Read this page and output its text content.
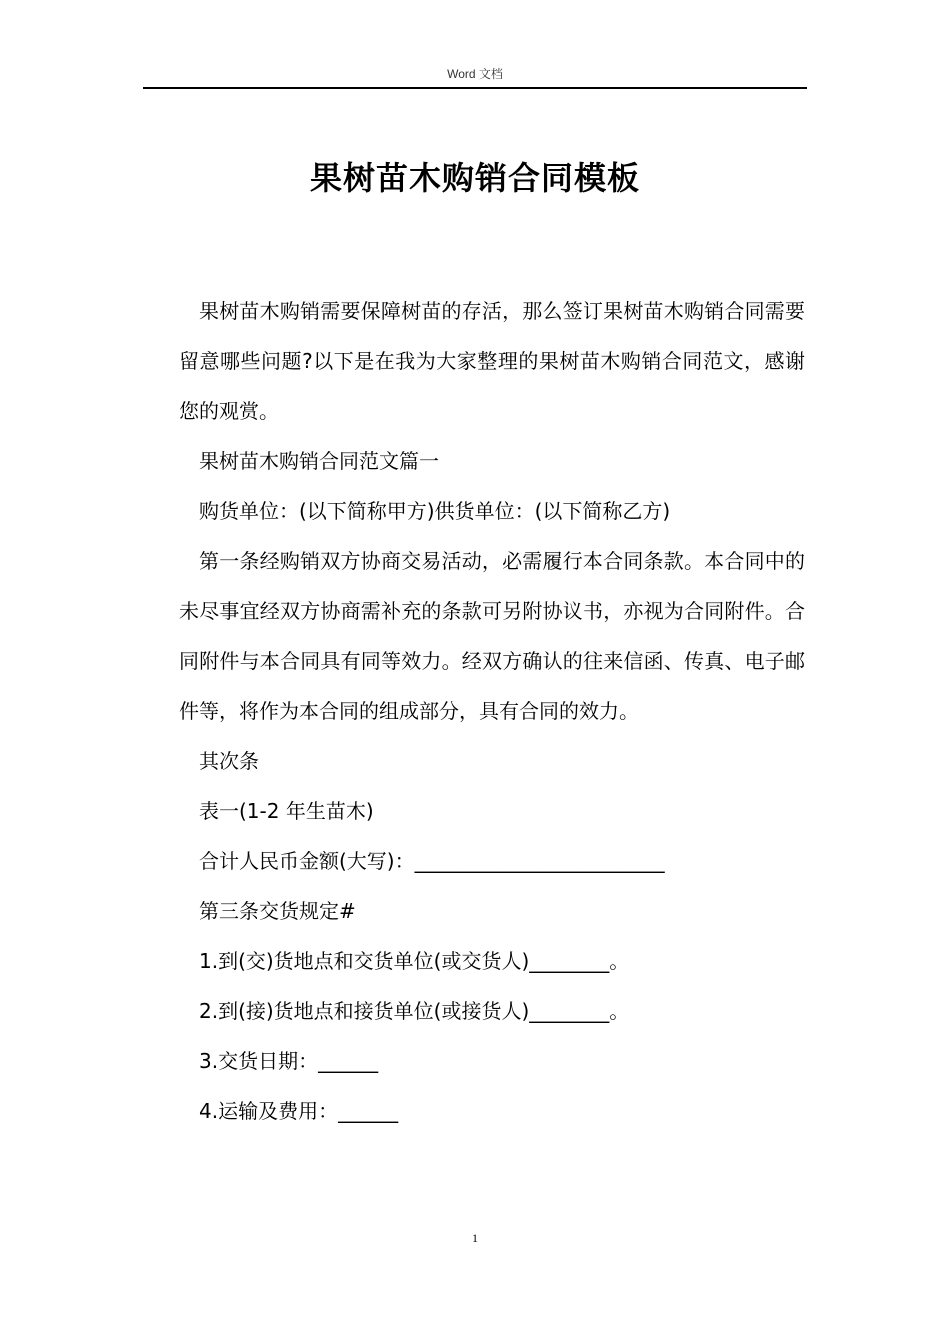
Word 文档
果树苗木购销合同模板

果树苗木购销需要保障树苗的存活，那么签订果树苗木购销合同需要留意哪些问题?以下是在我为大家整理的果树苗木购销合同范文，感谢您的观赏。

果树苗木购销合同范文篇一

购货单位：(以下简称甲方)供货单位：(以下简称乙方)

第一条经购销双方协商交易活动，必需履行本合同条款。本合同中的未尽事宜经双方协商需补充的条款可另附协议书，亦视为合同附件。合同附件与本合同具有同等效力。经双方确认的往来信函、传真、电子邮件等，将作为本合同的组成部分，具有合同的效力。

其次条

表一(1-2 年生苗木)

合计人民币金额(大写)：_________________________

第三条交货规定#

1.到(交)货地点和交货单位(或交货人)________。

2.到(接)货地点和接货单位(或接货人)________。

3.交货日期：______

4.运输及费用：______

1
